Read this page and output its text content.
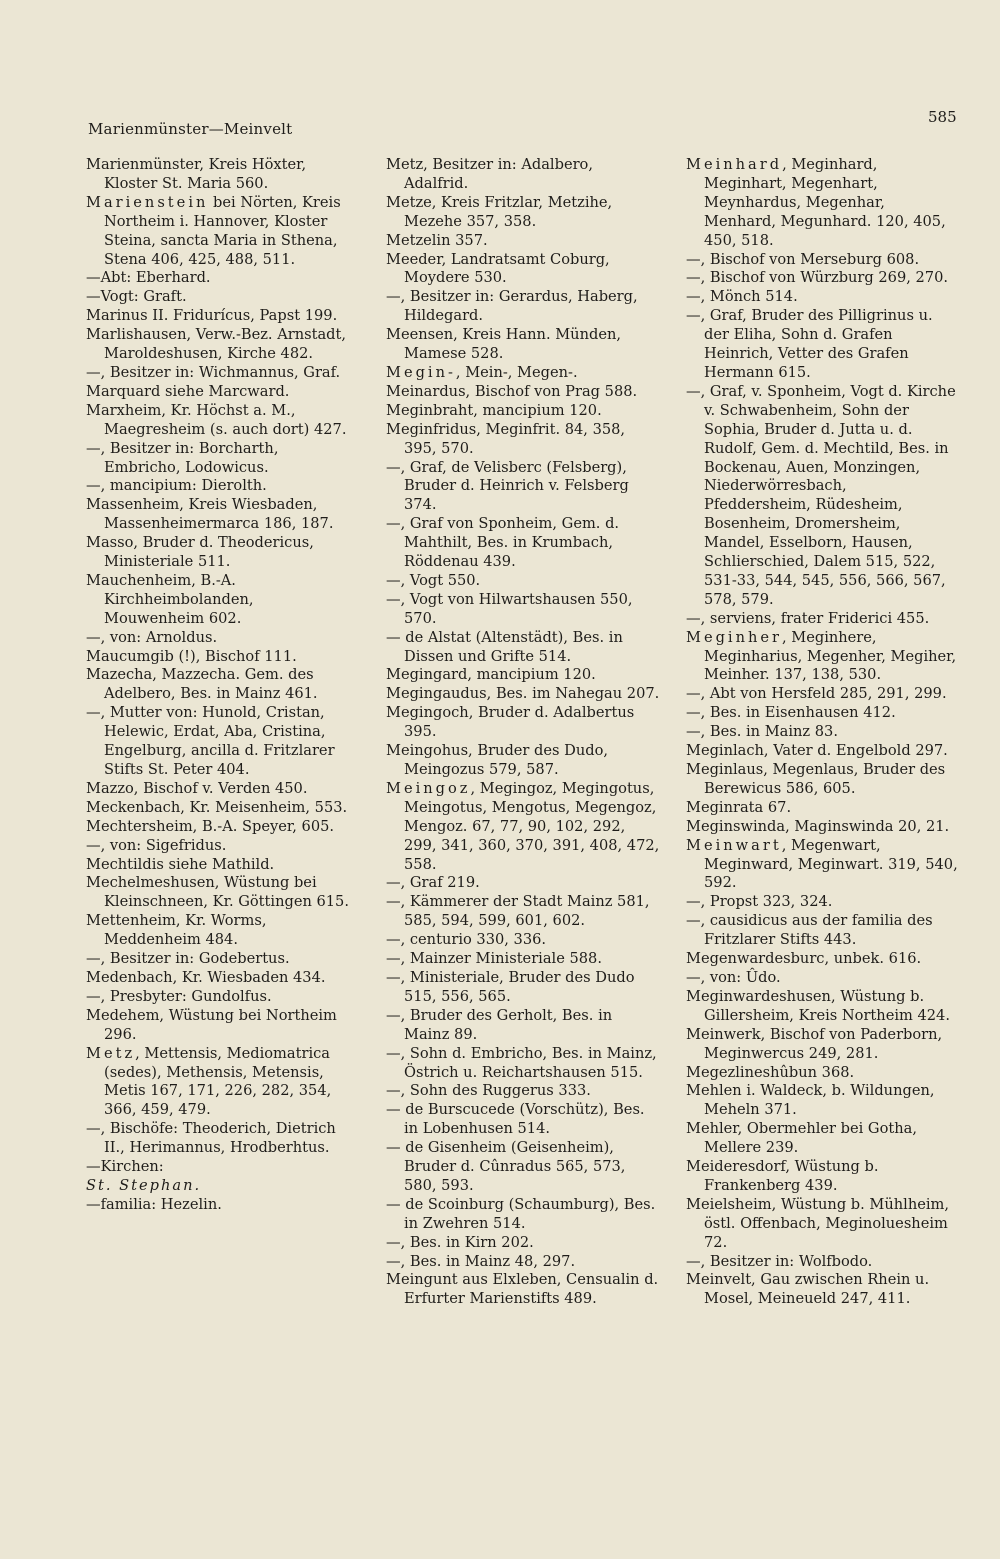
Marienmünster—Meinvelt
585

Marienmünster, Kreis Höxter, Kloster St. Maria 560.

Marienstein bei Nörten, Kreis Northeim i. Hannover, Kloster Steina, sancta Maria in Sthena, Stena 406, 425, 488, 511.

—Abt: Eberhard.

—Vogt: Graft.

Marinus II. Fridurícus, Papst 199.

Marlishausen, Verw.-Bez. Arnstadt, Maroldeshusen, Kirche 482.

—, Besitzer in: Wichmannus, Graf.

Marquard siehe Marcward.

Marxheim, Kr. Höchst a. M., Maegresheim (s. auch dort) 427.

—, Besitzer in: Borcharth, Embricho, Lodowicus.

—, mancipium: Dierolth.

Massenheim, Kreis Wiesbaden, Massenheimermarca 186, 187.

Masso, Bruder d. Theodericus, Ministeriale 511.

Mauchenheim, B.-A. Kirchheimbolanden, Mouwenheim 602.

—, von: Arnoldus.

Maucumgib (!), Bischof 111.

Mazecha, Mazzecha. Gem. des Adelbero, Bes. in Mainz 461.

—, Mutter von: Hunold, Cristan, Helewic, Erdat, Aba, Cristina, Engelburg, ancilla d. Fritzlarer Stifts St. Peter 404.

Mazzo, Bischof v. Verden 450.

Meckenbach, Kr. Meisenheim, 553.

Mechtersheim, B.-A. Speyer, 605.

—, von: Sigefridus.

Mechtildis siehe Mathild.

Mechelmeshusen, Wüstung bei Kleinschneen, Kr. Göttingen 615.

Mettenheim, Kr. Worms, Meddenheim 484.

—, Besitzer in: Godebertus.

Medenbach, Kr. Wiesbaden 434.

—, Presbyter: Gundolfus.

Medehem, Wüstung bei Northeim 296.

Metz, Mettensis, Mediomatrica (sedes), Methensis, Metensis, Metis 167, 171, 226, 282, 354, 366, 459, 479.

—, Bischöfe: Theoderich, Dietrich II., Herimannus, Hrodberhtus.

—Kirchen:

St. Stephan.

—familia: Hezelin.

Metz, Besitzer in: Adalbero, Adalfrid.

Metze, Kreis Fritzlar, Metzihe, Mezehe 357, 358.

Metzelin 357.

Meeder, Landratsamt Coburg, Moydere 530.

—, Besitzer in: Gerardus, Haberg, Hildegard.

Meensen, Kreis Hann. Münden, Mamese 528.

Megin-, Mein-, Megen-.

Meinardus, Bischof von Prag 588.

Meginbraht, mancipium 120.

Meginfridus, Meginfrit. 84, 358, 395, 570.

—, Graf, de Velisberc (Felsberg), Bruder d. Heinrich v. Felsberg 374.

—, Graf von Sponheim, Gem. d. Mahthilt, Bes. in Krumbach, Röddenau 439.

—, Vogt 550.

—, Vogt von Hilwartshausen 550, 570.

— de Alstat (Altenstädt), Bes. in Dissen und Grifte 514.

Megingard, mancipium 120.

Megingaudus, Bes. im Nahegau 207.

Megingoch, Bruder d. Adalbertus 395.

Meingohus, Bruder des Dudo, Meingozus 579, 587.

Meingoz, Megingoz, Megingotus, Meingotus, Mengotus, Megengoz, Mengoz. 67, 77, 90, 102, 292, 299, 341, 360, 370, 391, 408, 472, 558.

—, Graf 219.

—, Kämmerer der Stadt Mainz 581, 585, 594, 599, 601, 602.

—, centurio 330, 336.

—, Mainzer Ministeriale 588.

—, Ministeriale, Bruder des Dudo 515, 556, 565.

—, Bruder des Gerholt, Bes. in Mainz 89.

—, Sohn d. Embricho, Bes. in Mainz, Östrich u. Reichartshausen 515.

—, Sohn des Ruggerus 333.

— de Burscucede (Vorschütz), Bes. in Lobenhusen 514.

— de Gisenheim (Geisenheim), Bruder d. Cûnradus 565, 573, 580, 593.

— de Scoinburg (Schaumburg), Bes. in Zwehren 514.

—, Bes. in Kirn 202.

—, Bes. in Mainz 48, 297.

Meingunt aus Elxleben, Censualin d. Erfurter Marienstifts 489.

Meinhard, Meginhard, Meginhart, Megenhart, Meynhardus, Megenhar, Menhard, Megunhard. 120, 405, 450, 518.

—, Bischof von Merseburg 608.

—, Bischof von Würzburg 269, 270.

—, Mönch 514.

—, Graf, Bruder des Pilligrinus u. der Eliha, Sohn d. Grafen Heinrich, Vetter des Grafen Hermann 615.

—, Graf, v. Sponheim, Vogt d. Kirche v. Schwabenheim, Sohn der Sophia, Bruder d. Jutta u. d. Rudolf, Gem. d. Mechtild, Bes. in Bockenau, Auen, Monzingen, Niederwörresbach, Pfeddersheim, Rüdesheim, Bosenheim, Dromersheim, Mandel, Esselborn, Hausen, Schlierschied, Dalem 515, 522, 531-33, 544, 545, 556, 566, 567, 578, 579.

—, serviens, frater Friderici 455.

Meginher, Meginhere, Meginharius, Megenher, Megiher, Meinher. 137, 138, 530.

—, Abt von Hersfeld 285, 291, 299.

—, Bes. in Eisenhausen 412.

—, Bes. in Mainz 83.

Meginlach, Vater d. Engelbold 297.

Meginlaus, Megenlaus, Bruder des Berewicus 586, 605.

Meginrata 67.

Meginswinda, Maginswinda 20, 21.

Meinwart, Megenwart, Meginward, Meginwart. 319, 540, 592.

—, Propst 323, 324.

—, causidicus aus der familia des Fritzlarer Stifts 443.

Megenwardesburc, unbek. 616.

—, von: Ûdo.

Meginwardeshusen, Wüstung b. Gillersheim, Kreis Northeim 424.

Meinwerk, Bischof von Paderborn, Meginwercus 249, 281.

Megezlineshûbun 368.

Mehlen i. Waldeck, b. Wildungen, Meheln 371.

Mehler, Obermehler bei Gotha, Mellere 239.

Meideresdorf, Wüstung b. Frankenberg 439.

Meielsheim, Wüstung b. Mühlheim, östl. Offenbach, Meginoluesheim 72.

—, Besitzer in: Wolfbodo.

Meinvelt, Gau zwischen Rhein u. Mosel, Meineueld 247, 411.
